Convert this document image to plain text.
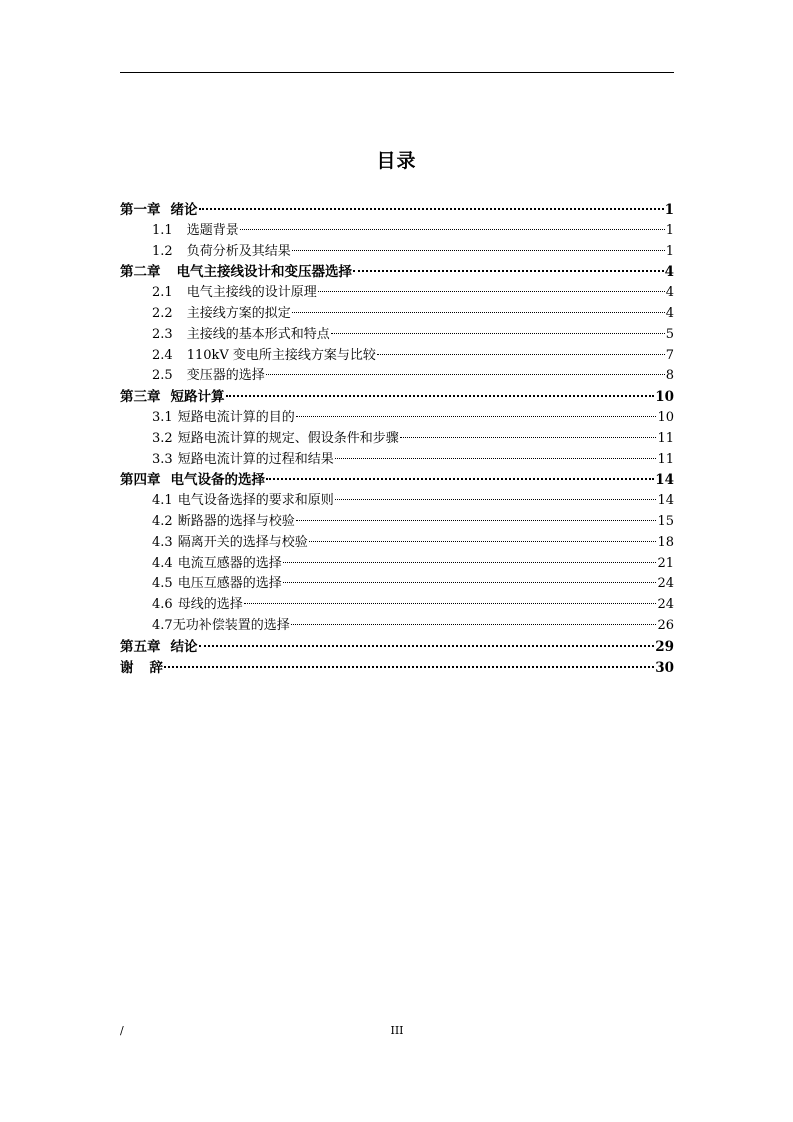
目录
第一章 绪论	1
1.1 选题背景	1
1.2 负荷分析及其结果	1
第二章 电气主接线设计和变压器选择	4
2.1 电气主接线的设计原理	4
2.2 主接线方案的拟定	4
2.3 主接线的基本形式和特点	5
2.4 110kV 变电所主接线方案与比较	7
2.5 变压器的选择	8
第三章 短路计算	10
3.1 短路电流计算的目的	10
3.2 短路电流计算的规定、假设条件和步骤	11
3.3 短路电流计算的过程和结果	11
第四章 电气设备的选择	14
4.1 电气设备选择的要求和原则	14
4.2 断路器的选择与校验	15
4.3 隔离开关的选择与校验	18
4.4 电流互感器的选择	21
4.5 电压互感器的选择	24
4.6 母线的选择	24
4.7 无功补偿装置的选择	26
第五章 结论	29
谢 辞	30
/	III
